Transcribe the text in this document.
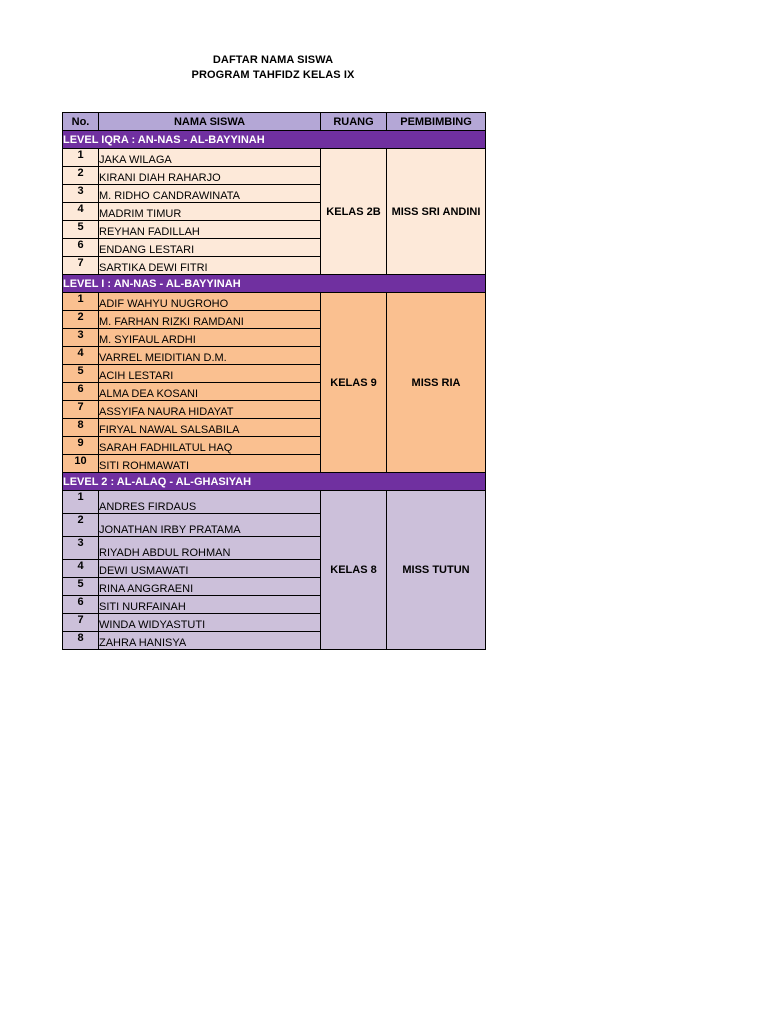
DAFTAR NAMA SISWA
PROGRAM TAHFIDZ KELAS IX
No.	NAMA SISWA	RUANG	PEMBIMBING
LEVEL IQRA : AN-NAS - AL-BAYYINAH			
1	JAKA WILAGA	KELAS 2B	MISS SRI ANDINI
2	KIRANI DIAH RAHARJO		
3	M. RIDHO CANDRAWINATA		
4	MADRIM TIMUR		
5	REYHAN FADILLAH		
6	ENDANG LESTARI		
7	SARTIKA DEWI FITRI		
LEVEL I : AN-NAS - AL-BAYYINAH			
1	ADIF WAHYU NUGROHO	KELAS 9	MISS RIA
2	M. FARHAN RIZKI RAMDANI		
3	M. SYIFAUL ARDHI		
4	VARREL MEIDITIAN D.M.		
5	ACIH LESTARI		
6	ALMA DEA KOSANI		
7	ASSYIFA NAURA HIDAYAT		
8	FIRYAL NAWAL SALSABILA		
9	SARAH FADHILATUL HAQ		
10	SITI ROHMAWATI		
LEVEL 2 : AL-ALAQ - AL-GHASIYAH			
1	ANDRES FIRDAUS	KELAS 8	MISS TUTUN
2	JONATHAN IRBY PRATAMA		
3	RIYADH ABDUL ROHMAN		
4	DEWI USMAWATI		
5	RINA ANGGRAENI		
6	SITI NURFAINAH		
7	WINDA WIDYASTUTI		
8	ZAHRA HANISYA		
